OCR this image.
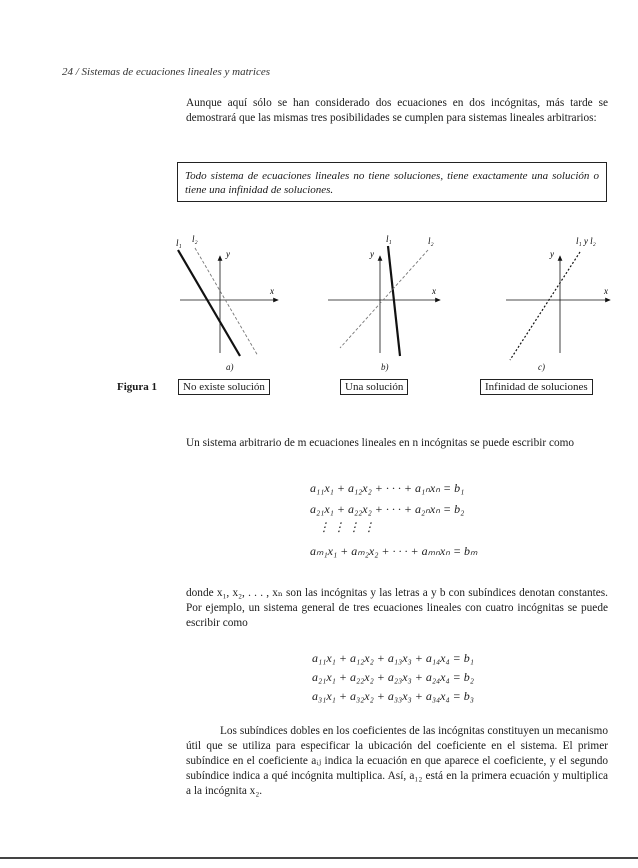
24 / Sistemas de ecuaciones lineales y matrices
Aunque aquí sólo se han considerado dos ecuaciones en dos incógnitas, más tarde se demostrará que las mismas tres posibilidades se cumplen para sistemas lineales arbitrarios:
Todo sistema de ecuaciones lineales no tiene soluciones, tiene exactamente una solución o tiene una infinidad de soluciones.
l₁ l₂
y
x
l₁	l₂
y
x
l₁ y l₂
y
x
a)	b)	c)
Figura 1	No existe solución	Una solución	Infinidad de soluciones
Un sistema arbitrario de m ecuaciones lineales en n incógnitas se puede escribir como
a₁₁x₁ + a₁₂x₂ + · · · + a₁ₙxₙ = b₁
a₂₁x₁ + a₂₂x₂ + · · · + a₂ₙxₙ = b₂
⋮ ⋮ ⋮ ⋮
aₘ₁x₁ + aₘ₂x₂ + · · · + aₘₙxₙ = bₘ
donde x₁, x₂, . . . , xₙ son las incógnitas y las letras a y b con subíndices denotan constantes. Por ejemplo, un sistema general de tres ecuaciones lineales con cuatro incógnitas se puede escribir como
a₁₁x₁ + a₁₂x₂ + a₁₃x₃ + a₁₄x₄ = b₁
a₂₁x₁ + a₂₂x₂ + a₂₃x₃ + a₂₄x₄ = b₂
a₃₁x₁ + a₃₂x₂ + a₃₃x₃ + a₃₄x₄ = b₃
Los subíndices dobles en los coeficientes de las incógnitas constituyen un mecanismo útil que se utiliza para especificar la ubicación del coeficiente en el sistema. El primer subíndice en el coeficiente aᵢⱼ indica la ecuación en que aparece el coeficiente, y el segundo subíndice indica a qué incógnita multiplica. Así, a₁₂ está en la primera ecuación y multiplica a la incógnita x₂.
